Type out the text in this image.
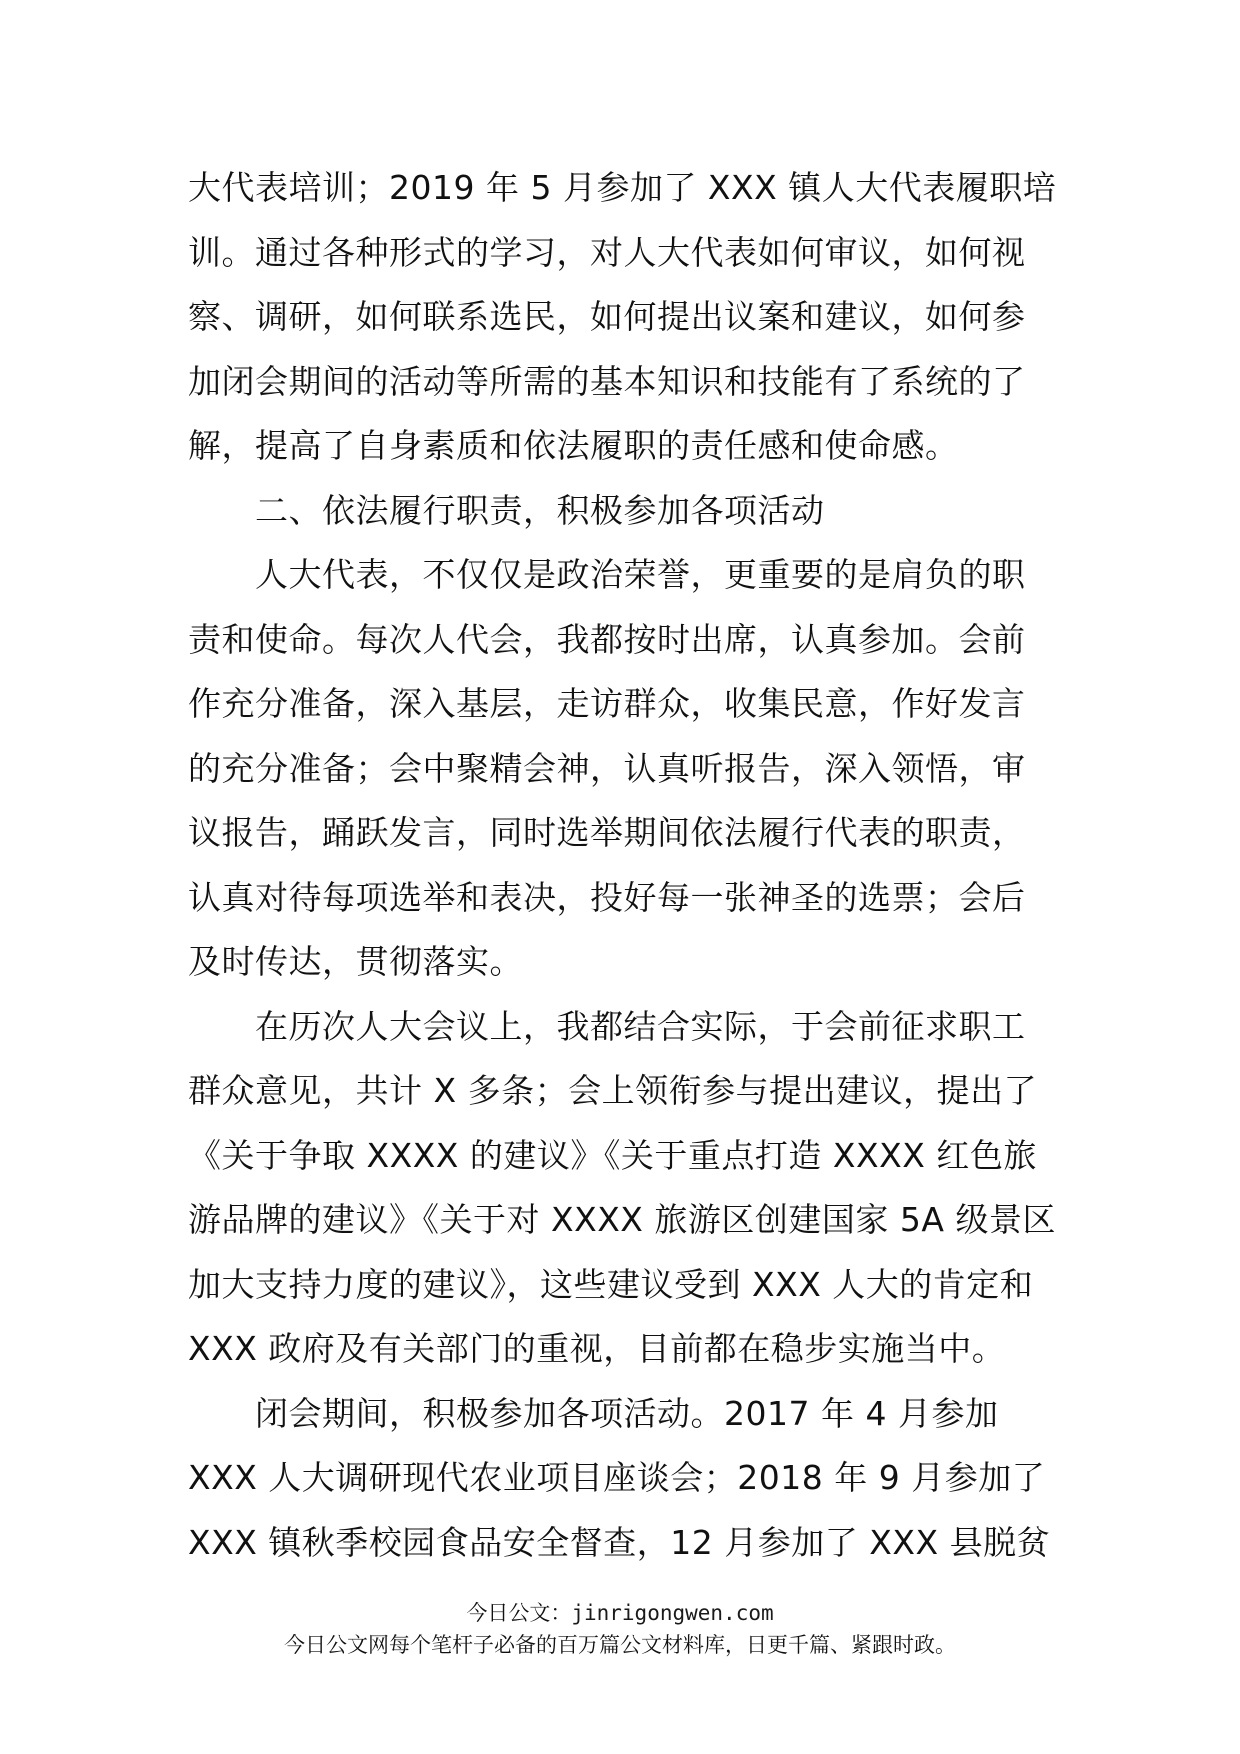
大代表培训；2019 年 5 月参加了 XXX 镇人大代表履职培
训。通过各种形式的学习，对人大代表如何审议，如何视
察、调研，如何联系选民，如何提出议案和建议，如何参
加闭会期间的活动等所需的基本知识和技能有了系统的了
解，提高了自身素质和依法履职的责任感和使命感。
二、依法履行职责，积极参加各项活动
人大代表，不仅仅是政治荣誉，更重要的是肩负的职
责和使命。每次人代会，我都按时出席，认真参加。会前
作充分准备，深入基层，走访群众，收集民意，作好发言
的充分准备；会中聚精会神，认真听报告，深入领悟，审
议报告，踊跃发言，同时选举期间依法履行代表的职责，
认真对待每项选举和表决，投好每一张神圣的选票；会后
及时传达，贯彻落实。
在历次人大会议上，我都结合实际，于会前征求职工
群众意见，共计 X 多条；会上领衔参与提出建议，提出了
《关于争取 XXXX 的建议》《关于重点打造 XXXX 红色旅
游品牌的建议》《关于对 XXXX 旅游区创建国家 5A 级景区
加大支持力度的建议》，这些建议受到 XXX 人大的肯定和
XXX 政府及有关部门的重视，目前都在稳步实施当中。
闭会期间，积极参加各项活动。2017 年 4 月参加
XXX 人大调研现代农业项目座谈会；2018 年 9 月参加了
XXX 镇秋季校园食品安全督查，12 月参加了 XXX 县脱贫
今日公文：jinrigongwen.com
今日公文网每个笔杆子必备的百万篇公文材料库，日更千篇、紧跟时政。
